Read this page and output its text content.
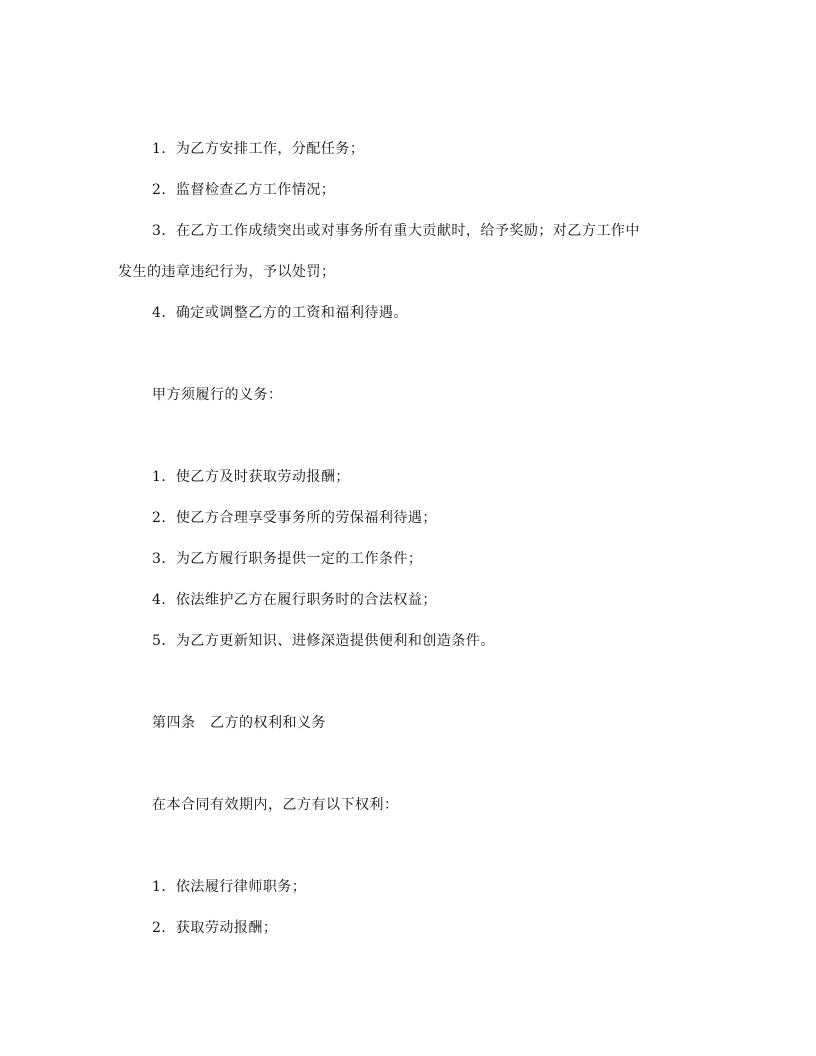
1．为乙方安排工作，分配任务；
2．监督检查乙方工作情况；
3．在乙方工作成绩突出或对事务所有重大贡献时，给予奖励；对乙方工作中
发生的违章违纪行为，予以处罚；
4．确定或调整乙方的工资和福利待遇。
甲方须履行的义务：
1．使乙方及时获取劳动报酬；
2．使乙方合理享受事务所的劳保福利待遇；
3．为乙方履行职务提供一定的工作条件；
4．依法维护乙方在履行职务时的合法权益；
5．为乙方更新知识、进修深造提供便利和创造条件。
第四条　乙方的权利和义务
在本合同有效期内，乙方有以下权利：
1．依法履行律师职务；
2．获取劳动报酬；
